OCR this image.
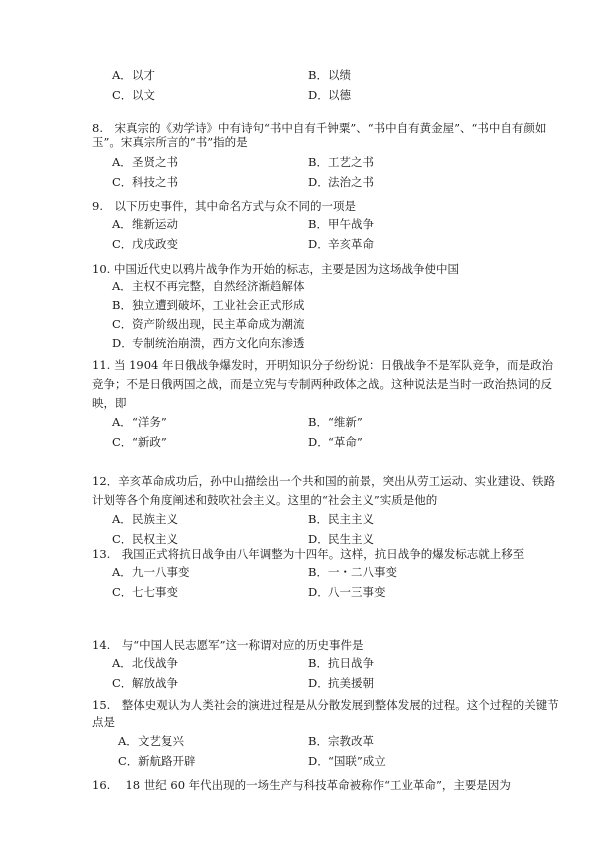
A．以才	B．以绩
C．以文	D．以德

8.　宋真宗的《劝学诗》中有诗句“书中自有千钟粟”、“书中自有黄金屋”、“书中自有颜如
玉”。宋真宗所言的“书”指的是

A．圣贤之书	B．工艺之书
C．科技之书	D．法治之书

9.　以下历史事件，其中命名方式与众不同的一项是

A．维新运动	B．甲午战争
C．戊戌政变	D．辛亥革命

10. 中国近代史以鸦片战争作为开始的标志，主要是因为这场战争使中国

A．主权不再完整，自然经济渐趋解体
B．独立遭到破坏，工业社会正式形成
C．资产阶级出现，民主革命成为潮流
D．专制统治崩溃，西方文化向东渗透

11. 当 1904 年日俄战争爆发时，开明知识分子纷纷说：日俄战争不是军队竞争，而是政治
竞争；不是日俄两国之战，而是立宪与专制两种政体之战。这种说法是当时一政治热词的反
映，即

A．“洋务”	B．“维新”
C．“新政”	D．“革命”

12．辛亥革命成功后，孙中山描绘出一个共和国的前景，突出从劳工运动、实业建设、铁路
计划等各个角度阐述和鼓吹社会主义。这里的“社会主义”实质是他的

A．民族主义	B．民主主义
C．民权主义	D．民生主义

13.　我国正式将抗日战争由八年调整为十四年。这样，抗日战争的爆发标志就上移至

A．九一八事变	B．一・二八事变
C．七七事变	D．八一三事变

14.　与“中国人民志愿军”这一称谓对应的历史事件是

A．北伐战争	B．抗日战争
C．解放战争	D．抗美援朝

15.　整体史观认为人类社会的演进过程是从分散发展到整体发展的过程。这个过程的关键节
点是

A．文艺复兴	B．宗教改革
C．新航路开辟	D．“国联”成立

16.　 18 世纪 60 年代出现的一场生产与科技革命被称作“工业革命”，主要是因为
